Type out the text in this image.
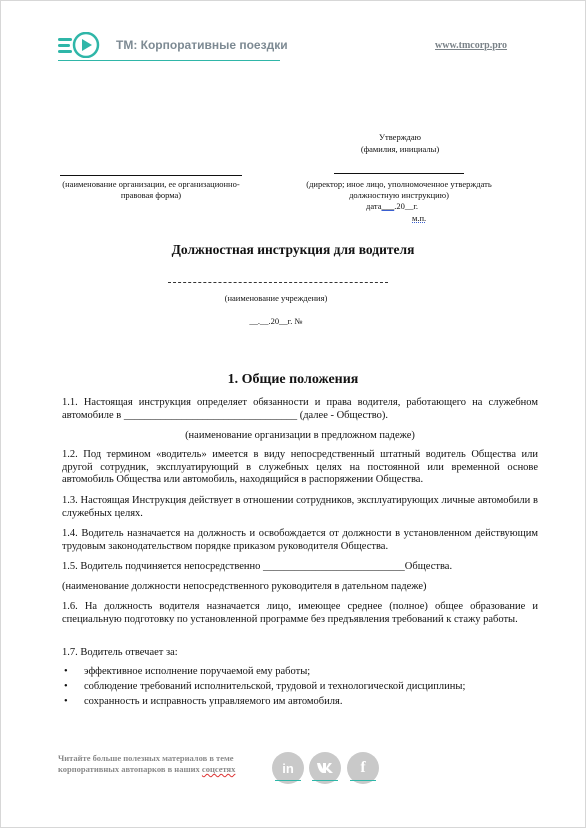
ТМ: Корпоративные поездки	www.tmcorp.pro
Утверждаю
(фамилия, инициалы)
(наименование организации, ее организационно-правовая форма)
(директор; иное лицо, уполномоченное утверждать должностную инструкцию)
дата___.20__г.
м.п.
Должностная инструкция для водителя
(наименование учреждения)
__.__.20__г. №
1. Общие положения
1.1. Настоящая инструкция определяет обязанности и права водителя, работающего на служебном автомобиле в _________________________________ (далее - Общество).
(наименование организации в предложном падеже)
1.2. Под термином «водитель» имеется в виду непосредственный штатный водитель Общества или другой сотрудник, эксплуатирующий в служебных целях на постоянной или временной основе автомобиль Общества или автомобиль, находящийся в распоряжении Общества.
1.3. Настоящая Инструкция действует в отношении сотрудников, эксплуатирующих личные автомобили в служебных целях.
1.4. Водитель назначается на должность и освобождается от должности в установленном действующим трудовым законодательством порядке приказом руководителя Общества.
1.5. Водитель подчиняется непосредственно ___________________________Общества.
(наименование должности непосредственного руководителя в дательном падеже)
1.6. На должность водителя назначается лицо, имеющее среднее (полное) общее образование и специальную подготовку по установленной программе без предъявления требований к стажу работы.
1.7. Водитель отвечает за:
• эффективное исполнение поручаемой ему работы;
• соблюдение требований исполнительской, трудовой и технологической дисциплины;
• сохранность и исправность управляемого им автомобиля.
Читайте больше полезных материалов в теме
корпоративных автопарков в наших соцсетях	in	f
